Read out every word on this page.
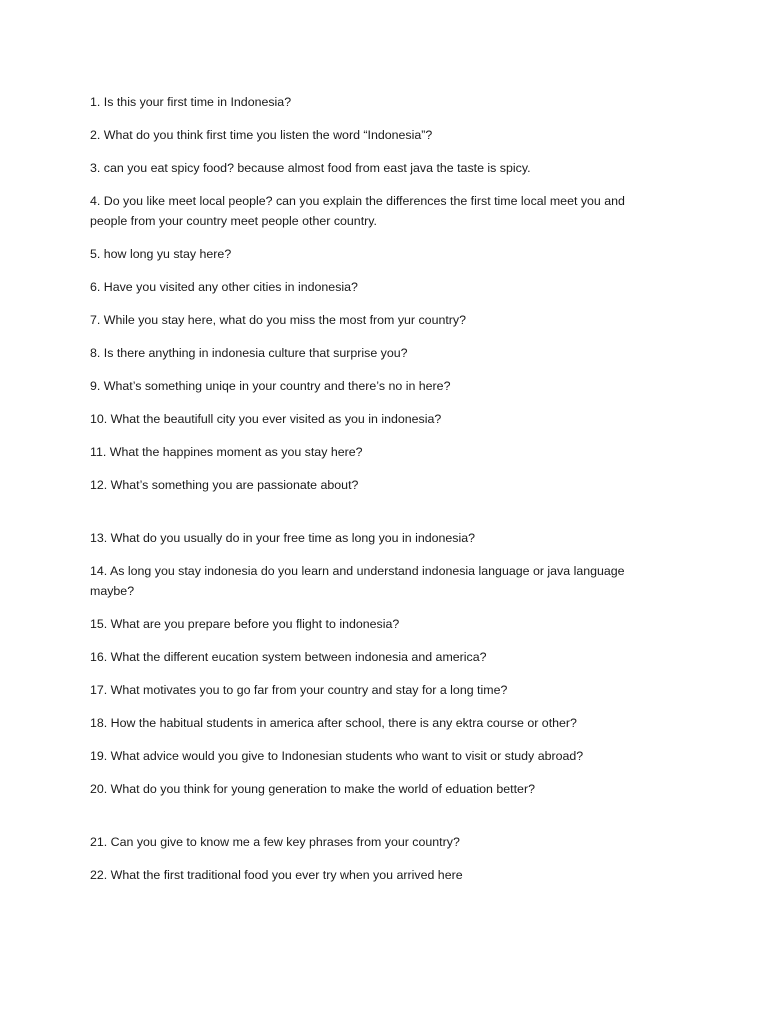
1. Is this your first time in Indonesia?

2. What do you think first time you listen the word “Indonesia”?

3. can you eat spicy food? because almost food from east java the taste is spicy.

4. Do you like meet local people? can you explain the differences the first time local meet you and people from your country meet people other country.

5. how long yu stay here?

6. Have you visited any other cities in indonesia?

7. While you stay here, what do you miss the most from yur country?

8. Is there anything in indonesia culture that surprise you?

9. What’s something uniqe in your country and there’s no in here?

10. What the beautifull city you ever visited as you in indonesia?

11. What the happines moment as you stay here?

12. What’s something you are passionate about?

13. What do you usually do in your free time as long you in indonesia?

14. As long you stay indonesia do you learn and understand indonesia language or java language maybe?

15. What are you prepare before you flight to indonesia?

16. What the different eucation system between indonesia and america?

17. What motivates you to go far from your country and stay for a long time?

18. How the habitual students in america after school, there is any ektra course or other?

19. What advice would you give to Indonesian students who want to visit or study abroad?

20. What do you think for young generation to make the world of eduation better?

21. Can you give to know me a few key phrases from your country?

22. What the first traditional food you ever try when you arrived here
